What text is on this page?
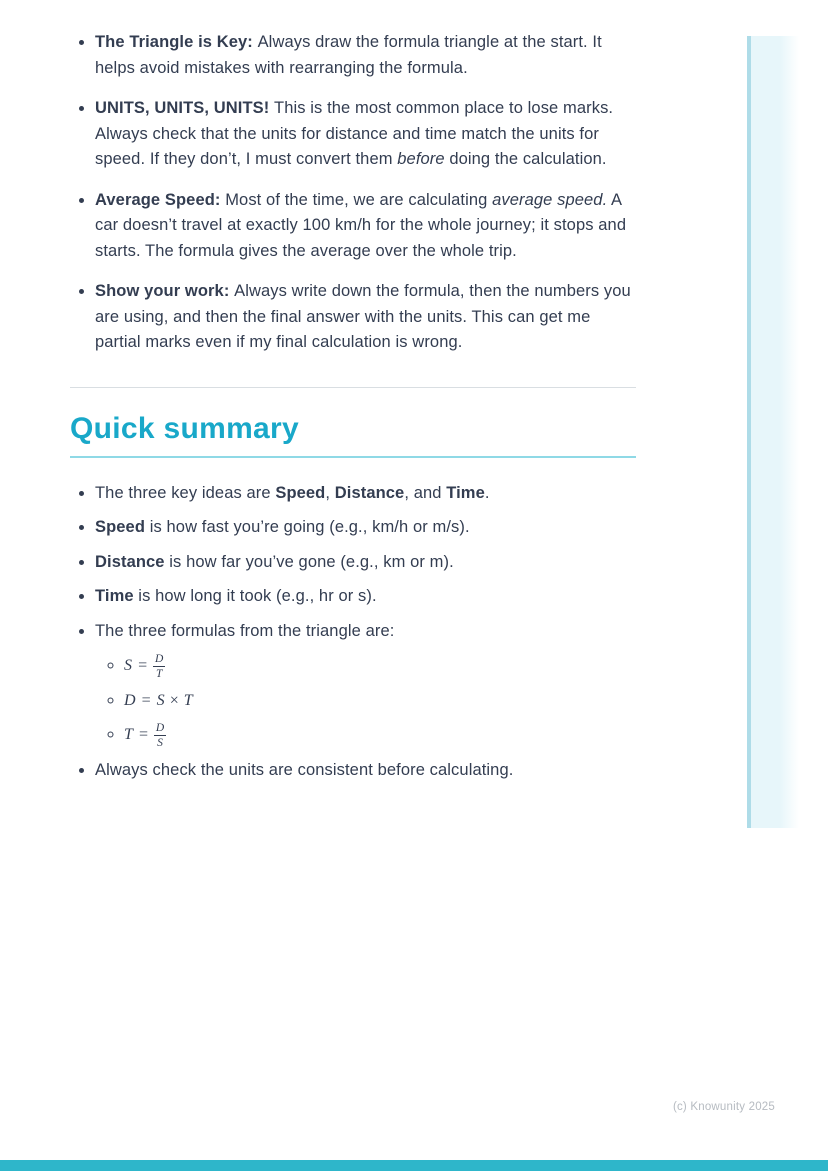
• The Triangle is Key: Always draw the formula triangle at the start. It helps avoid mistakes with rearranging the formula.
• UNITS, UNITS, UNITS! This is the most common place to lose marks. Always check that the units for distance and time match the units for speed. If they don’t, I must convert them before doing the calculation.
• Average Speed: Most of the time, we are calculating average speed. A car doesn’t travel at exactly 100 km/h for the whole journey; it stops and starts. The formula gives the average over the whole trip.
• Show your work: Always write down the formula, then the numbers you are using, and then the final answer with the units. This can get me partial marks even if my final calculation is wrong.
Quick summary
• The three key ideas are Speed, Distance, and Time.
• Speed is how fast you’re going (e.g., km/h or m/s).
• Distance is how far you’ve gone (e.g., km or m).
• Time is how long it took (e.g., hr or s).
• The three formulas from the triangle are:
◦ $S = \frac{D}{T}$
◦ D = S × T
◦ $T = \frac{D}{S}$
• Always check the units are consistent before calculating.
(c) Knowunity 2025
